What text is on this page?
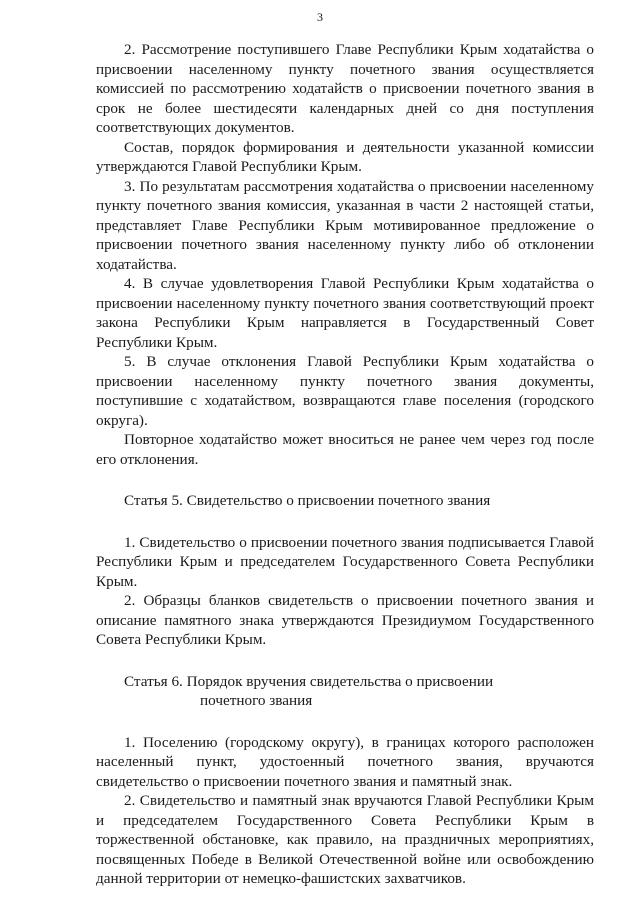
3

2. Рассмотрение поступившего Главе Республики Крым ходатайства о присвоении населенному пункту почетного звания осуществляется комиссией по рассмотрению ходатайств о присвоении почетного звания в срок не более шестидесяти календарных дней со дня поступления соответствующих документов.

Состав, порядок формирования и деятельности указанной комиссии утверждаются Главой Республики Крым.

3. По результатам рассмотрения ходатайства о присвоении населенному пункту почетного звания комиссия, указанная в части 2 настоящей статьи, представляет Главе Республики Крым мотивированное предложение о присвоении почетного звания населенному пункту либо об отклонении ходатайства.

4. В случае удовлетворения Главой Республики Крым ходатайства о присвоении населенному пункту почетного звания соответствующий проект закона Республики Крым направляется в Государственный Совет Республики Крым.

5. В случае отклонения Главой Республики Крым ходатайства о присвоении населенному пункту почетного звания документы, поступившие с ходатайством, возвращаются главе поселения (городского округа).

Повторное ходатайство может вноситься не ранее чем через год после его отклонения.

Статья 5. Свидетельство о присвоении почетного звания

1. Свидетельство о присвоении почетного звания подписывается Главой Республики Крым и председателем Государственного Совета Республики Крым.

2. Образцы бланков свидетельств о присвоении почетного звания и описание памятного знака утверждаются Президиумом Государственного Совета Республики Крым.

Статья 6. Порядок вручения свидетельства о присвоении
почетного звания

1. Поселению (городскому округу), в границах которого расположен населенный пункт, удостоенный почетного звания, вручаются свидетельство о присвоении почетного звания и памятный знак.

2. Свидетельство и памятный знак вручаются Главой Республики Крым и председателем Государственного Совета Республики Крым в торжественной обстановке, как правило, на праздничных мероприятиях, посвященных Победе в Великой Отечественной войне или освобождению данной территории от немецко-фашистских захватчиков.
